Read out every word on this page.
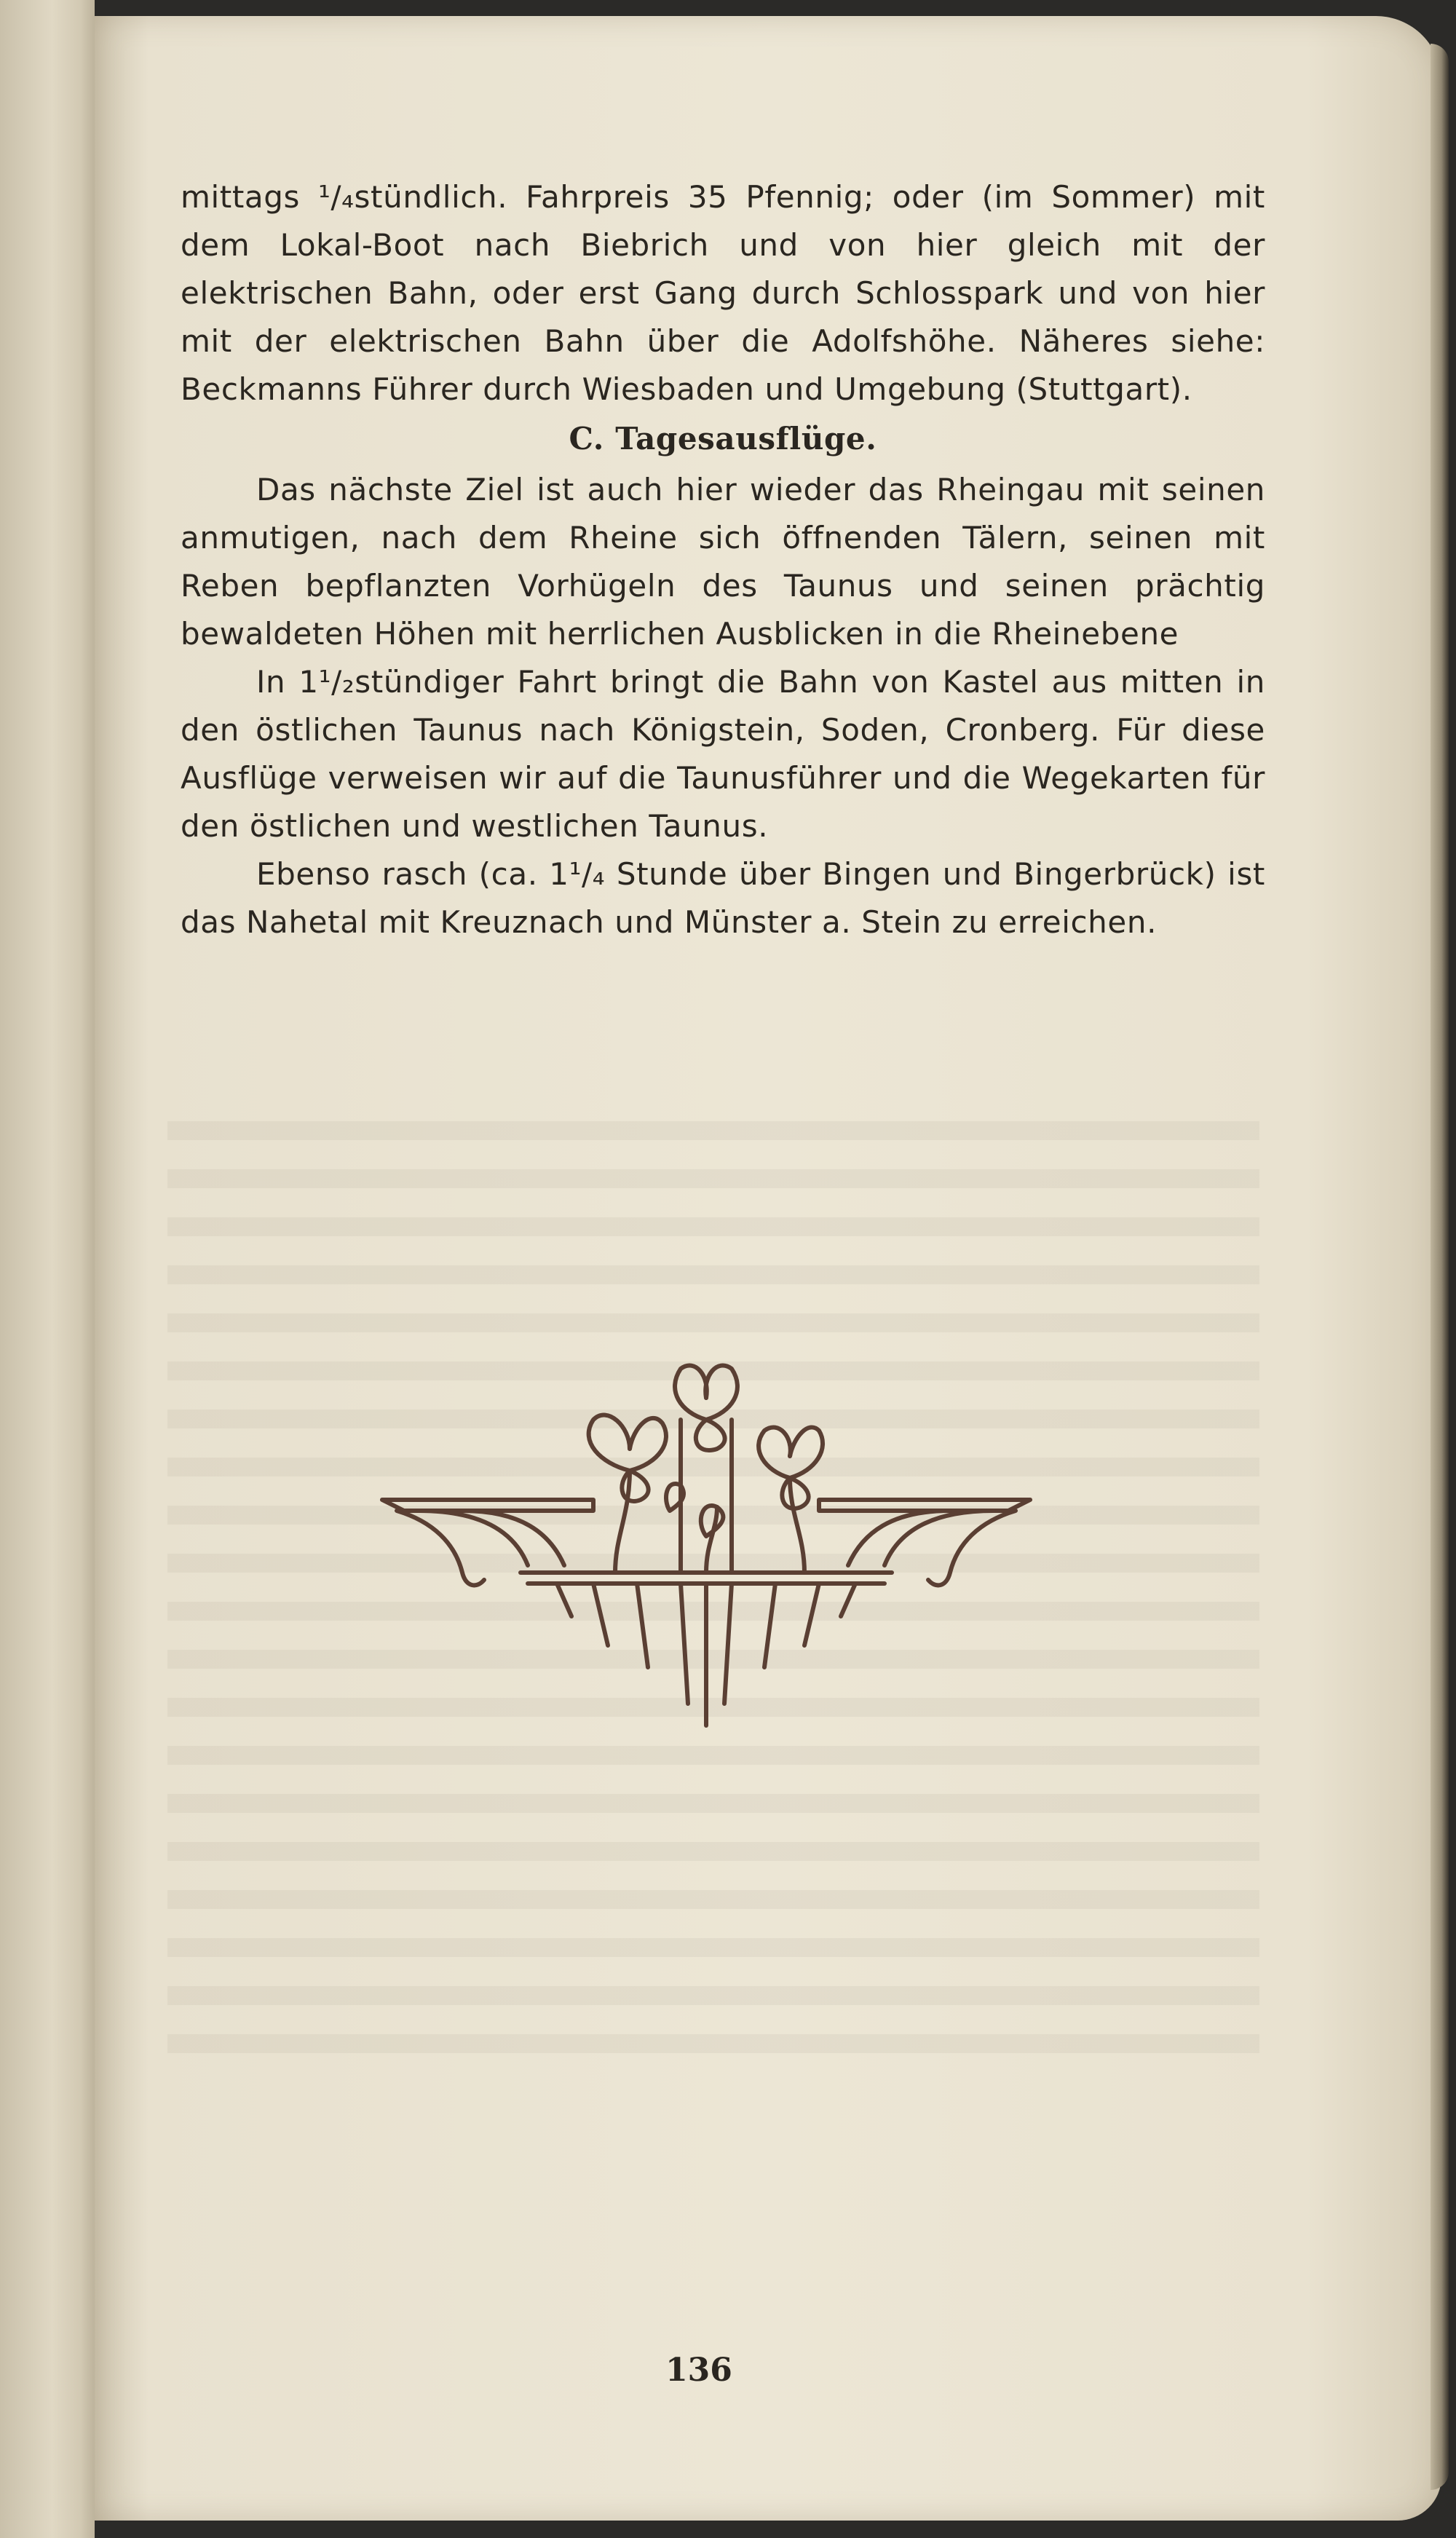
mittags ¹/₄stündlich. Fahrpreis 35 Pfennig; oder (im Sommer) mit dem Lokal-Boot nach Biebrich und von hier gleich mit der elektrischen Bahn, oder erst Gang durch Schlosspark und von hier mit der elektrischen Bahn über die Adolfshöhe. Näheres siehe: Beckmanns Führer durch Wiesbaden und Umgebung (Stuttgart).

C. Tagesausflüge.

Das nächste Ziel ist auch hier wieder das Rheingau mit seinen anmutigen, nach dem Rheine sich öffnenden Tälern, seinen mit Reben bepflanzten Vorhügeln des Taunus und seinen prächtig bewaldeten Höhen mit herrlichen Ausblicken in die Rheinebene

In 1¹/₂stündiger Fahrt bringt die Bahn von Kastel aus mitten in den östlichen Taunus nach Königstein, Soden, Cronberg. Für diese Ausflüge verweisen wir auf die Taunusführer und die Wegekarten für den östlichen und westlichen Taunus.

Ebenso rasch (ca. 1¹/₄ Stunde über Bingen und Bingerbrück) ist das Nahetal mit Kreuznach und Münster a. Stein zu erreichen.

136
